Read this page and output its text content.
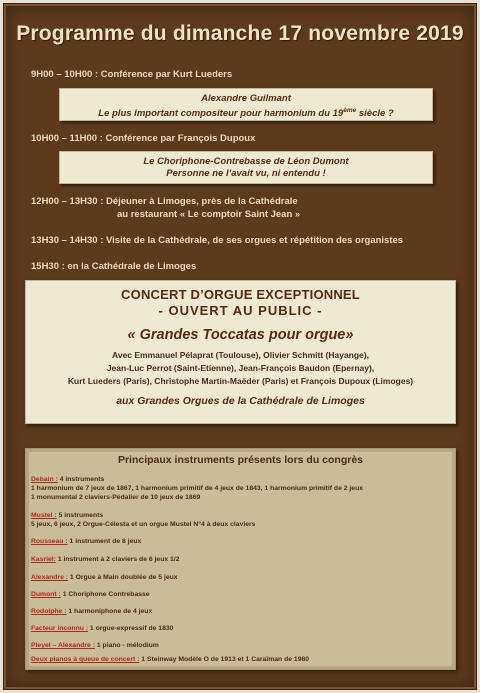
Programme du dimanche 17 novembre 2019
9H00 – 10H00 : Conférence par Kurt Lueders
Alexandre Guilmant
Le plus important compositeur pour harmonium du 19ème siècle ?
10H00 – 11H00 : Conférence par François Dupoux
Le Choriphone-Contrebasse de Léon Dumont
Personne ne l’avait vu, ni entendu !
12H00 – 13H30 : Déjeuner à Limoges, près de la Cathédrale
au restaurant « Le comptoir Saint Jean »
13H30 – 14H30 : Visite de la Cathédrale, de ses orgues et répétition des organistes
15H30 : en la Cathédrale de Limoges
CONCERT D’ORGUE EXCEPTIONNEL
- OUVERT AU PUBLIC -
« Grandes Toccatas pour orgue»
Avec Emmanuel Pélaprat (Toulouse), Olivier Schmitt (Hayange),
Jean-Luc Perrot (Saint-Etienne), Jean-François Baudon (Epernay),
Kurt Lueders (Paris), Christophe Martin-Maëder (Paris) et François Dupoux (Limoges)
aux Grandes Orgues de la Cathédrale de Limoges
Principaux instruments présents lors du congrès
Debain : 4 instruments
1 harmonium de 7 jeux de 1867, 1 harmonium primitif de 4 jeux de 1843, 1 harmonium primitif de 2 jeux
1 monumental 2 claviers-Pédalier de 10 jeux de 1869
Mustel : 5 instruments
5 jeux, 6 jeux, 2 Orgue-Célesta et un orgue Mustel N°4 à deux claviers
Rousseau : 1 instrument de 8 jeux
Kasriel: 1 instrument à 2 claviers de 6 jeux 1/2
Alexandre : 1 Orgue à Main doublée de 5 jeux
Dumont : 1 Choriphone Contrebasse
Rodolphe : 1 harmoniphone de 4 jeux
Facteur inconnu : 1 orgue-expressif de 1830
Pleyel – Alexandre : 1 piano - mélodium
Deux pianos à queue de concert : 1 Steinway Modèle O de 1913 et 1 Caraïman de 1980
